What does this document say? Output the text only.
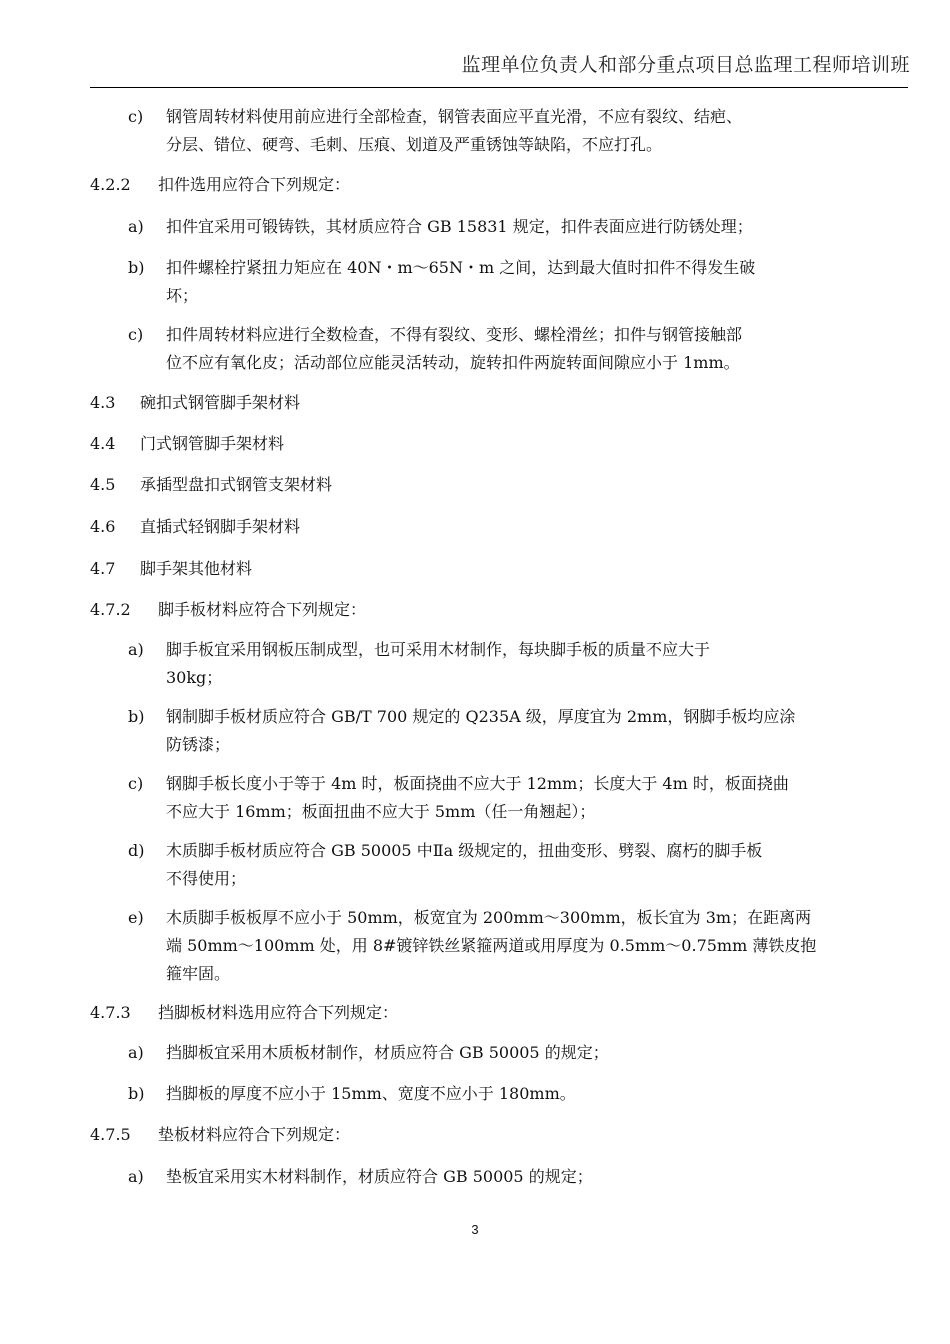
监理单位负责人和部分重点项目总监理工程师培训班
c) 钢管周转材料使用前应进行全部检查，钢管表面应平直光滑，不应有裂纹、结疤、
分层、错位、硬弯、毛刺、压痕、划道及严重锈蚀等缺陷，不应打孔。
4.2.2 扣件选用应符合下列规定：
a) 扣件宜采用可锻铸铁，其材质应符合 GB 15831 规定，扣件表面应进行防锈处理；
b) 扣件螺栓拧紧扭力矩应在 40N・m～65N・m 之间，达到最大值时扣件不得发生破
坏；
c) 扣件周转材料应进行全数检查，不得有裂纹、变形、螺栓滑丝；扣件与钢管接触部
位不应有氧化皮；活动部位应能灵活转动，旋转扣件两旋转面间隙应小于 1mm。
4.3 碗扣式钢管脚手架材料
4.4 门式钢管脚手架材料
4.5 承插型盘扣式钢管支架材料
4.6 直插式轻钢脚手架材料
4.7 脚手架其他材料
4.7.2 脚手板材料应符合下列规定：
a) 脚手板宜采用钢板压制成型，也可采用木材制作，每块脚手板的质量不应大于
30kg；
b) 钢制脚手板材质应符合 GB/T 700 规定的 Q235A 级，厚度宜为 2mm，钢脚手板均应涂
防锈漆；
c) 钢脚手板长度小于等于 4m 时，板面挠曲不应大于 12mm；长度大于 4m 时，板面挠曲
不应大于 16mm；板面扭曲不应大于 5mm（任一角翘起）；
d) 木质脚手板材质应符合 GB 50005 中Ⅱa 级规定的，扭曲变形、劈裂、腐朽的脚手板
不得使用；
e) 木质脚手板板厚不应小于 50mm，板宽宜为 200mm～300mm，板长宜为 3m；在距离两
端 50mm～100mm 处，用 8#镀锌铁丝紧箍两道或用厚度为 0.5mm～0.75mm 薄铁皮抱
箍牢固。
4.7.3 挡脚板材料选用应符合下列规定：
a) 挡脚板宜采用木质板材制作，材质应符合 GB 50005 的规定；
b) 挡脚板的厚度不应小于 15mm、宽度不应小于 180mm。
4.7.5 垫板材料应符合下列规定：
a) 垫板宜采用实木材料制作，材质应符合 GB 50005 的规定；
3
